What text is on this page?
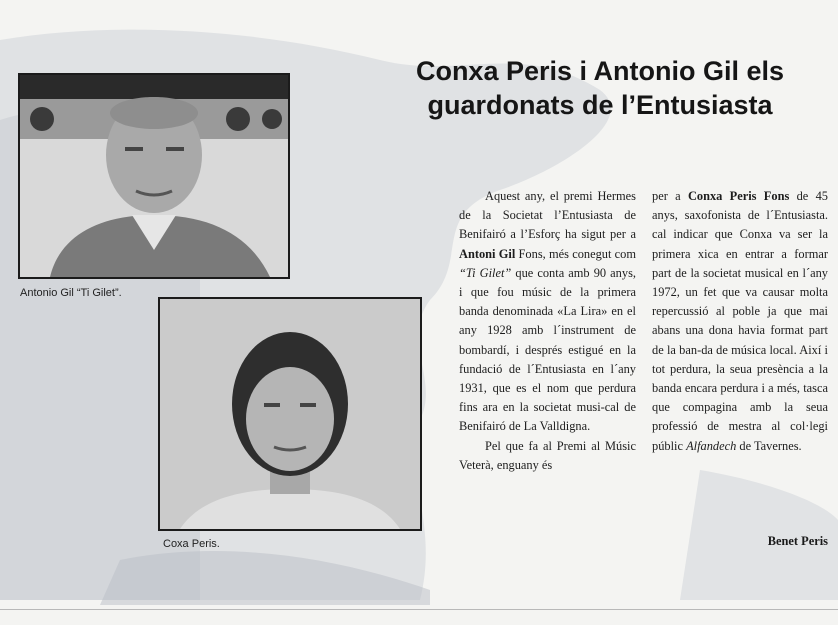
Conxa Peris i Antonio Gil els guardonats de l’Entusiasta
Antonio Gil “Ti Gilet”.
Coxa Peris.

Aquest any, el premi Hermes de la Societat l’Entusiasta de Benifairó a l’Esforç ha sigut per a Antoni Gil Fons, més conegut com “Ti Gilet” que conta amb 90 anys, i que fou músic de la primera banda denominada «La Lira» en el any 1928 amb l´instrument de bombardí, i després estigué en la fundació de l´Entusiasta en l´any 1931, que es el nom que perdura fins ara en la societat musi-cal de Benifairó de La Valldigna.

Pel que fa al Premi al Músic Veterà, enguany és

per a Conxa Peris Fons de 45 anys, saxofonista de l´Entusiasta. cal indicar que Conxa va ser la primera xica en entrar a formar part de la societat musical en l´any 1972, un fet que va causar molta repercussió al poble ja que mai abans una dona havia format part de la ban-da de música local. Així i tot perdura, la seua presència a la banda encara perdura i a més, tasca que compagina amb la seua professió de mestra al col·legi públic Alfandech de Tavernes.

Benet Peris
